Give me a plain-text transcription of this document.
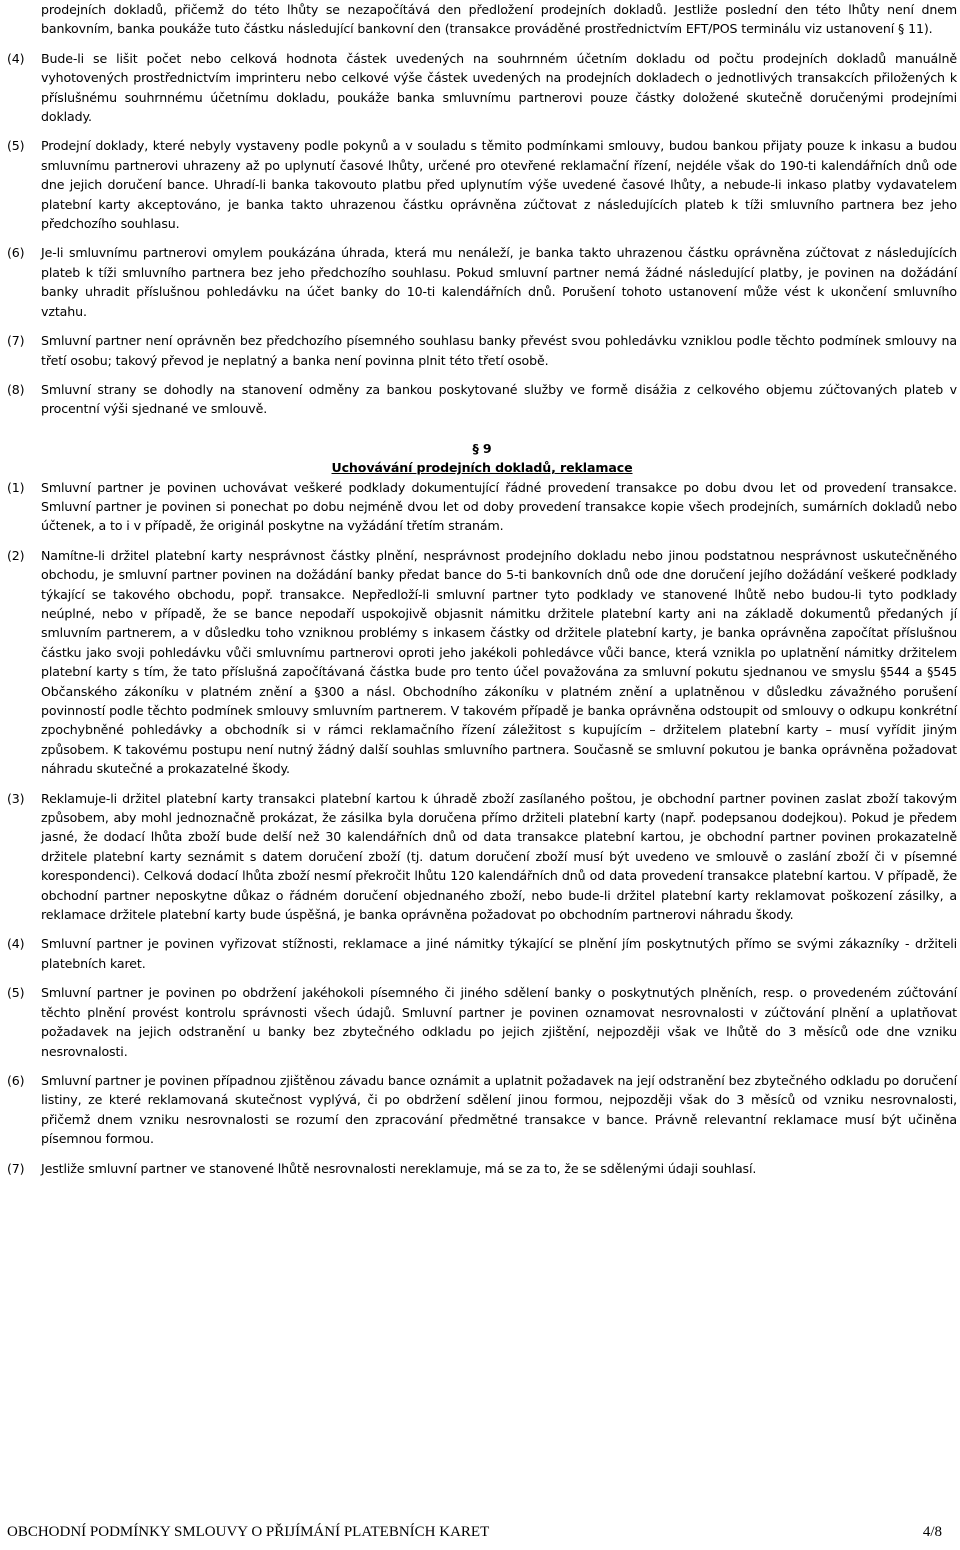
prodejních dokladů, přičemž do této lhůty se nezapočítává den předložení prodejních dokladů. Jestliže poslední den této lhůty není dnem bankovním, banka poukáže tuto částku následující bankovní den (transakce prováděné prostřednictvím EFT/POS terminálu viz ustanovení § 11).

(4)	Bude-li se lišit počet nebo celková hodnota částek uvedených na souhrnném účetním dokladu od počtu prodejních dokladů manuálně vyhotovených prostřednictvím imprinteru nebo celkové výše částek uvedených na prodejních dokladech o jednotlivých transakcích přiložených k příslušnému souhrnnému účetnímu dokladu, poukáže banka smluvnímu partnerovi pouze částky doložené skutečně doručenými prodejními doklady.
(5)	Prodejní doklady, které nebyly vystaveny podle pokynů a v souladu s těmito podmínkami smlouvy, budou bankou přijaty pouze k inkasu a budou smluvnímu partnerovi uhrazeny až po uplynutí časové lhůty, určené pro otevřené reklamační řízení, nejdéle však do 190-ti kalendářních dnů ode dne jejich doručení bance. Uhradí-li banka takovouto platbu před uplynutím výše uvedené časové lhůty, a nebude-li inkaso platby vydavatelem platební karty akceptováno, je banka takto uhrazenou částku oprávněna zúčtovat z následujících plateb k tíži smluvního partnera bez jeho předchozího souhlasu.
(6)	Je-li smluvnímu partnerovi omylem poukázána úhrada, která mu nenáleží, je banka takto uhrazenou částku oprávněna zúčtovat z následujících plateb k tíži smluvního partnera bez jeho předchozího souhlasu. Pokud smluvní partner nemá žádné následující platby, je povinen na dožádání banky uhradit příslušnou pohledávku na účet banky do 10-ti kalendářních dnů. Porušení tohoto ustanovení může vést k ukončení smluvního vztahu.
(7)	Smluvní partner není oprávněn bez předchozího písemného souhlasu banky převést svou pohledávku vzniklou podle těchto podmínek smlouvy na třetí osobu; takový převod je neplatný a banka není povinna plnit této třetí osobě.
(8)	Smluvní strany se dohodly na stanovení odměny za bankou poskytované služby ve formě disážia z celkového objemu zúčtovaných plateb v procentní výši sjednané ve smlouvě.
§ 9
Uchovávání prodejních dokladů, reklamace
(1)	Smluvní partner je povinen uchovávat veškeré podklady dokumentující řádné provedení transakce po dobu dvou let od provedení transakce. Smluvní partner je povinen si ponechat po dobu nejméně dvou let od doby provedení transakce kopie všech prodejních, sumárních dokladů nebo účtenek, a to i v případě, že originál poskytne na vyžádání třetím stranám.
(2)	Namítne-li držitel platební karty nesprávnost částky plnění, nesprávnost prodejního dokladu nebo jinou podstatnou nesprávnost uskutečněného obchodu, je smluvní partner povinen na dožádání banky předat bance do 5-ti bankovních dnů ode dne doručení jejího dožádání veškeré podklady týkající se takového obchodu, popř. transakce. Nepředloží-li smluvní partner tyto podklady ve stanovené lhůtě nebo budou-li tyto podklady neúplné, nebo v případě, že se bance nepodaří uspokojivě objasnit námitku držitele platební karty ani na základě dokumentů předaných jí smluvním partnerem, a v důsledku toho vzniknou problémy s inkasem částky od držitele platební karty, je banka oprávněna započítat příslušnou částku jako svoji pohledávku vůči smluvnímu partnerovi oproti jeho jakékoli pohledávce vůči bance, která vznikla po uplatnění námitky držitelem platební karty s tím, že tato příslušná započítávaná částka bude pro tento účel považována za smluvní pokutu sjednanou ve smyslu §544 a §545 Občanského zákoníku v platném znění a §300 a násl. Obchodního zákoníku v platném znění a uplatněnou v důsledku závažného porušení povinností podle těchto podmínek smlouvy smluvním partnerem. V takovém případě je banka oprávněna odstoupit od smlouvy o odkupu konkrétní zpochybněné pohledávky a obchodník si v rámci reklamačního řízení záležitost s kupujícím – držitelem platební karty – musí vyřídit jiným způsobem. K takovému postupu není nutný žádný další souhlas smluvního partnera. Současně se smluvní pokutou je banka oprávněna požadovat náhradu skutečné a prokazatelné škody.
(3)	Reklamuje-li držitel platební karty transakci platební kartou k úhradě zboží zasílaného poštou, je obchodní partner povinen zaslat zboží takovým způsobem, aby mohl jednoznačně prokázat, že zásilka byla doručena přímo držiteli platební karty (např. podepsanou dodejkou). Pokud je předem jasné, že dodací lhůta zboží bude delší než 30 kalendářních dnů od data transakce platební kartou, je obchodní partner povinen prokazatelně držitele platební karty seznámit s datem doručení zboží (tj. datum doručení zboží musí být uvedeno ve smlouvě o zaslání zboží či v písemné korespondenci). Celková dodací lhůta zboží nesmí překročit lhůtu 120 kalendářních dnů od data provedení transakce platební kartou. V případě, že obchodní partner neposkytne důkaz o řádném doručení objednaného zboží, nebo bude-li držitel platební karty reklamovat poškození zásilky, a reklamace držitele platební karty bude úspěšná, je banka oprávněna požadovat po obchodním partnerovi náhradu škody.
(4)	Smluvní partner je povinen vyřizovat stížnosti, reklamace a jiné námitky týkající se plnění jím poskytnutých přímo se svými zákazníky - držiteli platebních karet.
(5)	Smluvní partner je povinen po obdržení jakéhokoli písemného či jiného sdělení banky o poskytnutých plněních, resp. o provedeném zúčtování těchto plnění provést kontrolu správnosti všech údajů. Smluvní partner je povinen oznamovat nesrovnalosti v zúčtování plnění a uplatňovat požadavek na jejich odstranění u banky bez zbytečného odkladu po jejich zjištění, nejpozději však ve lhůtě do 3 měsíců ode dne vzniku nesrovnalosti.
(6)	Smluvní partner je povinen případnou zjištěnou závadu bance oznámit a uplatnit požadavek na její odstranění bez zbytečného odkladu po doručení listiny, ze které reklamovaná skutečnost vyplývá, či po obdržení sdělení jinou formou, nejpozději však do 3 měsíců od vzniku nesrovnalosti, přičemž dnem vzniku nesrovnalosti se rozumí den zpracování předmětné transakce v bance. Právně relevantní reklamace musí být učiněna písemnou formou.
(7)	Jestliže smluvní partner ve stanovené lhůtě nesrovnalosti nereklamuje, má se za to, že se sdělenými údaji souhlasí.
OBCHODNÍ PODMÍNKY SMLOUVY O PŘIJÍMÁNÍ PLATEBNÍCH KARET	4/8
